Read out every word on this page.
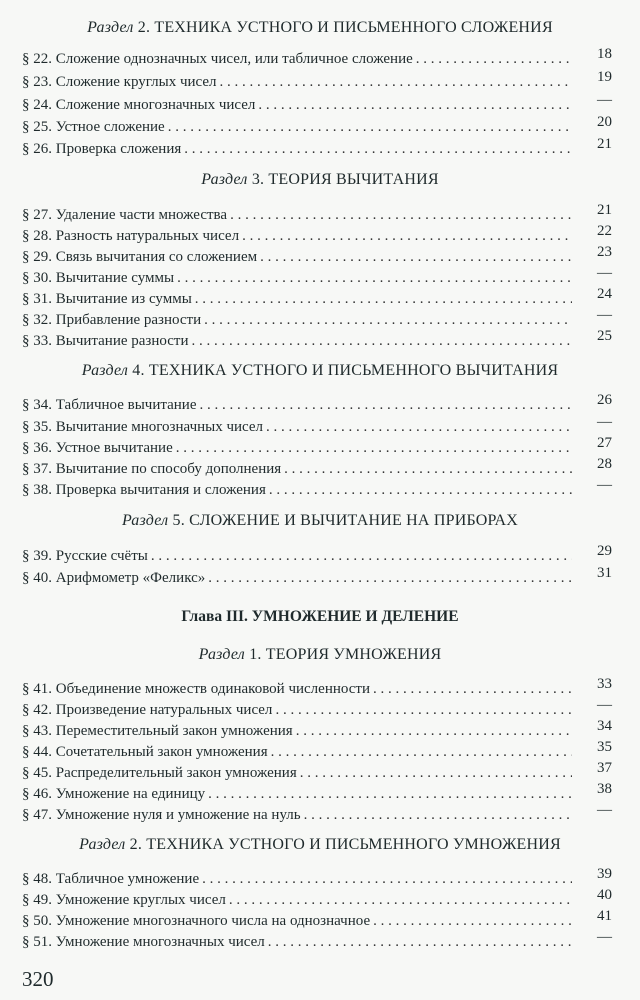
Раздел 2. ТЕХНИКА УСТНОГО И ПИСЬМЕННОГО СЛОЖЕНИЯ
§ 22. Сложение однозначных чисел, или табличное сложение . . .	18
§ 23. Сложение круглых чисел . . .	19
§ 24. Сложение многозначных чисел . . .	—
§ 25. Устное сложение . . .	20
§ 26. Проверка сложения . . .	21
Раздел 3. ТЕОРИЯ ВЫЧИТАНИЯ
§ 27. Удаление части множества . . .	21
§ 28. Разность натуральных чисел . . .	22
§ 29. Связь вычитания со сложением . . .	23
§ 30. Вычитание суммы . . .	—
§ 31. Вычитание из суммы . . .	24
§ 32. Прибавление разности . . .	—
§ 33. Вычитание разности . . .	25
Раздел 4. ТЕХНИКА УСТНОГО И ПИСЬМЕННОГО ВЫЧИТАНИЯ
§ 34. Табличное вычитание . . .	26
§ 35. Вычитание многозначных чисел . . .	—
§ 36. Устное вычитание . . .	27
§ 37. Вычитание по способу дополнения . . .	28
§ 38. Проверка вычитания и сложения . . .	—
Раздел 5. СЛОЖЕНИЕ И ВЫЧИТАНИЕ НА ПРИБОРАХ
§ 39. Русские счёты . . .	29
§ 40. Арифмометр «Феликс» . . .	31
Глава III. УМНОЖЕНИЕ И ДЕЛЕНИЕ
Раздел 1. ТЕОРИЯ УМНОЖЕНИЯ
§ 41. Объединение множеств одинаковой численности . . .	33
§ 42. Произведение натуральных чисел . . .	—
§ 43. Переместительный закон умножения . . .	34
§ 44. Сочетательный закон умножения . . .	35
§ 45. Распределительный закон умножения . . .	37
§ 46. Умножение на единицу . . .	38
§ 47. Умножение нуля и умножение на нуль . . .	—
Раздел 2. ТЕХНИКА УСТНОГО И ПИСЬМЕННОГО УМНОЖЕНИЯ
§ 48. Табличное умножение . . .	39
§ 49. Умножение круглых чисел . . .	40
§ 50. Умножение многозначного числа на однозначное . . .	41
§ 51. Умножение многозначных чисел . . .	—
320
